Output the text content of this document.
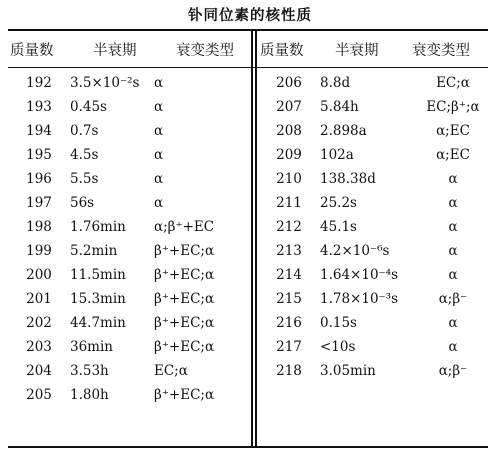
钋同位素的核性质
质量数	半衰期	衰变类型 质量数 半衰期 衰变类型
192	3.5×10⁻²s	α
193	0.45s	α
194	0.7s	α
195	4.5s	α
196	5.5s	α
197	56s	α
198	1.76min	α;β⁺+EC
199	5.2min	β⁺+EC;α
200	11.5min	β⁺+EC;α
201	15.3min	β⁺+EC;α
202	44.7min	β⁺+EC;α
203	36min	β⁺+EC;α
204	3.53h	EC;α
205	1.80h	β⁺+EC;α
206	8.8d	EC;α
207	5.84h	EC;β⁺;α
208	2.898a	α;EC
209	102a	α;EC
210	138.38d	α
211	25.2s	α
212	45.1s	α
213	4.2×10⁻⁶s	α
214	1.64×10⁻⁴s	α
215	1.78×10⁻³s	α;β⁻
216	0.15s	α
217	<10s	α
218	3.05min	α;β⁻
